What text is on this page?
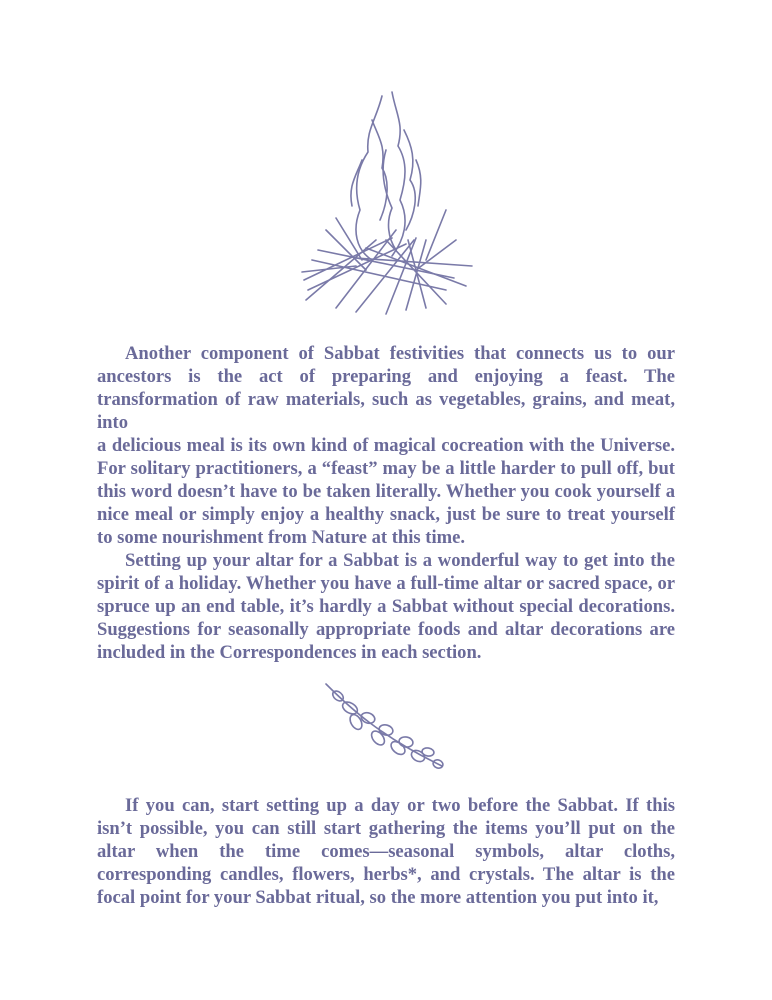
Another component of Sabbat festivities that connects us to our ancestors is the act of preparing and enjoying a feast. The transformation of raw materials, such as vegetables, grains, and meat, into

a delicious meal is its own kind of magical cocreation with the Universe. For solitary practitioners, a “feast” may be a little harder to pull off, but this word doesn’t have to be taken literally. Whether you cook yourself a nice meal or simply enjoy a healthy snack, just be sure to treat yourself to some nourishment from Nature at this time.

Setting up your altar for a Sabbat is a wonderful way to get into the spirit of a holiday. Whether you have a full-time altar or sacred space, or spruce up an end table, it’s hardly a Sabbat without special decorations. Suggestions for seasonally appropriate foods and altar decorations are included in the Correspondences in each section.

If you can, start setting up a day or two before the Sabbat. If this isn’t possible, you can still start gathering the items you’ll put on the altar when the time comes—seasonal symbols, altar cloths, corresponding candles, flowers, herbs*, and crystals. The altar is the focal point for your Sabbat ritual, so the more attention you put into it,
